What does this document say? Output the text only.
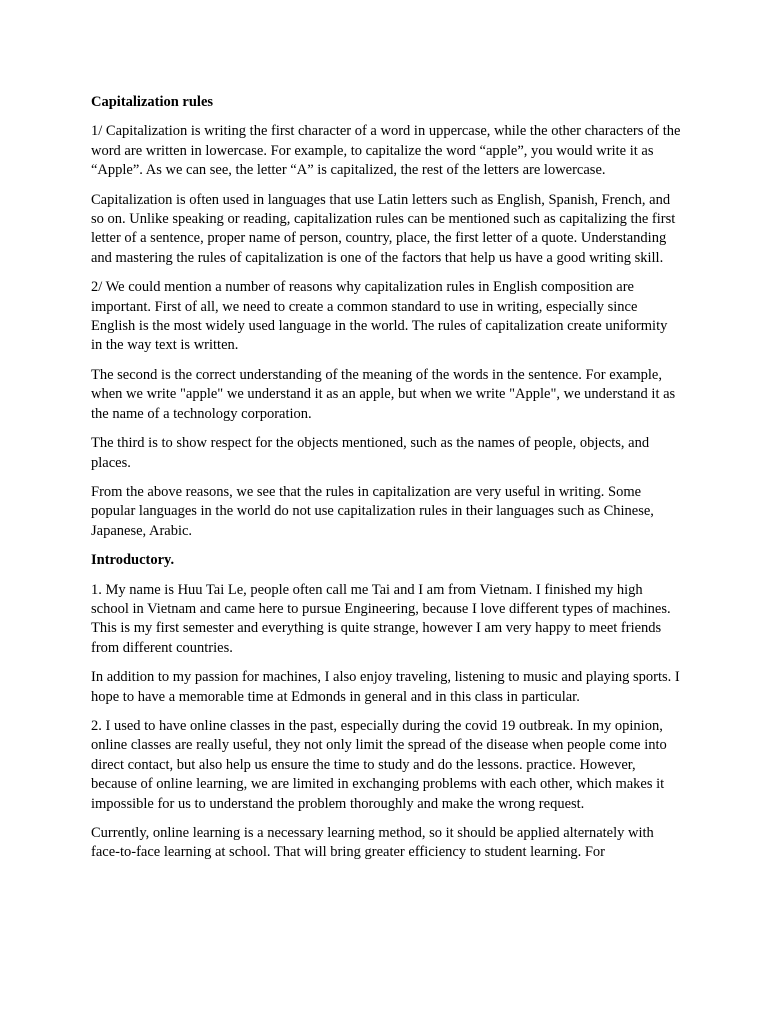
Capitalization rules

1/ Capitalization is writing the first character of a word in uppercase, while the other characters of the word are written in lowercase. For example, to capitalize the word “apple”, you would write it as “Apple”. As we can see, the letter “A” is capitalized, the rest of the letters are lowercase.

Capitalization is often used in languages that use Latin letters such as English, Spanish, French, and so on. Unlike speaking or reading, capitalization rules can be mentioned such as capitalizing the first letter of a sentence, proper name of person, country, place, the first letter of a quote. Understanding and mastering the rules of capitalization is one of the factors that help us have a good writing skill.

2/ We could mention a number of reasons why capitalization rules in English composition are important. First of all, we need to create a common standard to use in writing, especially since English is the most widely used language in the world. The rules of capitalization create uniformity in the way text is written.

The second is the correct understanding of the meaning of the words in the sentence. For example, when we write "apple" we understand it as an apple, but when we write "Apple", we understand it as the name of a technology corporation.

The third is to show respect for the objects mentioned, such as the names of people, objects, and places.

From the above reasons, we see that the rules in capitalization are very useful in writing. Some popular languages in the world do not use capitalization rules in their languages such as Chinese, Japanese, Arabic.

Introductory.

1. My name is Huu Tai Le, people often call me Tai and I am from Vietnam. I finished my high school in Vietnam and came here to pursue Engineering, because I love different types of machines. This is my first semester and everything is quite strange, however I am very happy to meet friends from different countries.

In addition to my passion for machines, I also enjoy traveling, listening to music and playing sports. I hope to have a memorable time at Edmonds in general and in this class in particular.

2. I used to have online classes in the past, especially during the covid 19 outbreak. In my opinion, online classes are really useful, they not only limit the spread of the disease when people come into direct contact, but also help us ensure the time to study and do the lessons. practice. However, because of online learning, we are limited in exchanging problems with each other, which makes it impossible for us to understand the problem thoroughly and make the wrong request.

Currently, online learning is a necessary learning method, so it should be applied alternately with face-to-face learning at school. That will bring greater efficiency to student learning. For
